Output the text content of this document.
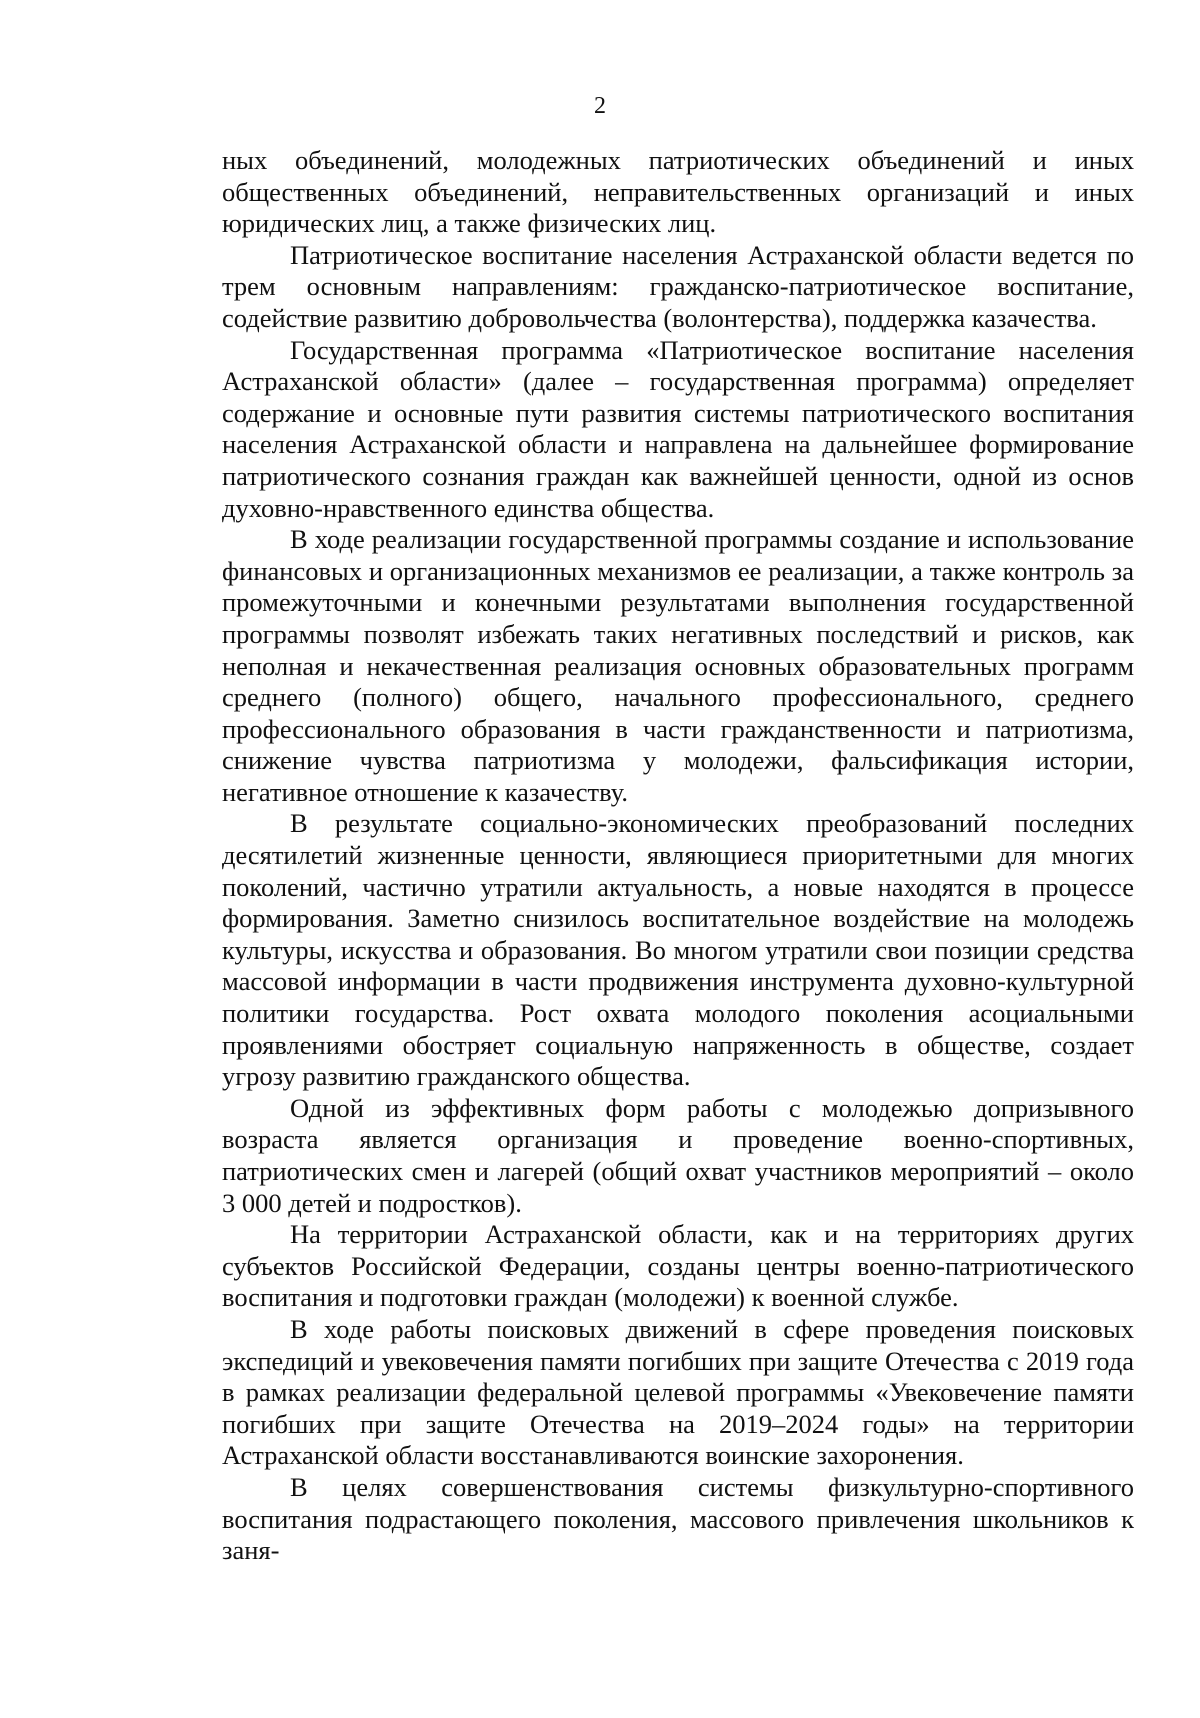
2

ных объединений, молодежных патриотических объединений и иных общественных объединений, неправительственных организаций и иных юридических лиц, а также физических лиц.

Патриотическое воспитание населения Астраханской области ведется по трем основным направлениям: гражданско-патриотическое воспитание, содействие развитию добровольчества (волонтерства), поддержка казачества.

Государственная программа «Патриотическое воспитание населения Астраханской области» (далее – государственная программа) определяет содержание и основные пути развития системы патриотического воспитания населения Астраханской области и направлена на дальнейшее формирование патриотического сознания граждан как важнейшей ценности, одной из основ духовно-нравственного единства общества.

В ходе реализации государственной программы создание и использование финансовых и организационных механизмов ее реализации, а также контроль за промежуточными и конечными результатами выполнения государственной программы позволят избежать таких негативных последствий и рисков, как неполная и некачественная реализация основных образовательных программ среднего (полного) общего, начального профессионального, среднего профессионального образования в части гражданственности и патриотизма, снижение чувства патриотизма у молодежи, фальсификация истории, негативное отношение к казачеству.

В результате социально-экономических преобразований последних десятилетий жизненные ценности, являющиеся приоритетными для многих поколений, частично утратили актуальность, а новые находятся в процессе формирования. Заметно снизилось воспитательное воздействие на молодежь культуры, искусства и образования. Во многом утратили свои позиции средства массовой информации в части продвижения инструмента духовно-культурной политики государства. Рост охвата молодого поколения асоциальными проявлениями обостряет социальную напряженность в обществе, создает угрозу развитию гражданского общества.

Одной из эффективных форм работы с молодежью допризывного возраста является организация и проведение военно-спортивных, патриотических смен и лагерей (общий охват участников мероприятий – около 3 000 детей и подростков).

На территории Астраханской области, как и на территориях других субъектов Российской Федерации, созданы центры военно-патриотического воспитания и подготовки граждан (молодежи) к военной службе.

В ходе работы поисковых движений в сфере проведения поисковых экспедиций и увековечения памяти погибших при защите Отечества с 2019 года в рамках реализации федеральной целевой программы «Увековечение памяти погибших при защите Отечества на 2019–2024 годы» на территории Астраханской области восстанавливаются воинские захоронения.

В целях совершенствования системы физкультурно-спортивного воспитания подрастающего поколения, массового привлечения школьников к заня-
